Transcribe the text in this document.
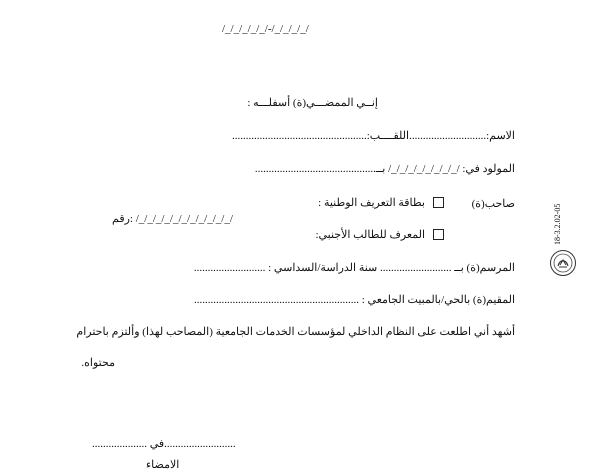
/_/_/_/_/_/-/_/_/_/_/
إنــي الممضـــي(ة) أسفلـــه :
الاسم:............................اللقــــب:.................................................
المولود في: /_/_/_/_/_/_/_/_/ بــ............................................
صاحب(ة)
بطاقة التعريف الوطنية :
رقم: /_/_/_/_/_/_/_/_/_/_/_/
المعرف للطالب الأجنبي:
المرسم(ة) بــ .......................... سنة الدراسة/السداسي : ..........................
المقيم(ة) بالحي/بالمبيت الجامعي : ............................................................
أشهد أني اطلعت على النظام الداخلي لمؤسسات الخدمات الجامعية (المصاحب لهذا) وألتزم باحترام
محتواه.
..........................في ....................
الامضاء
18-3.2.02-05
